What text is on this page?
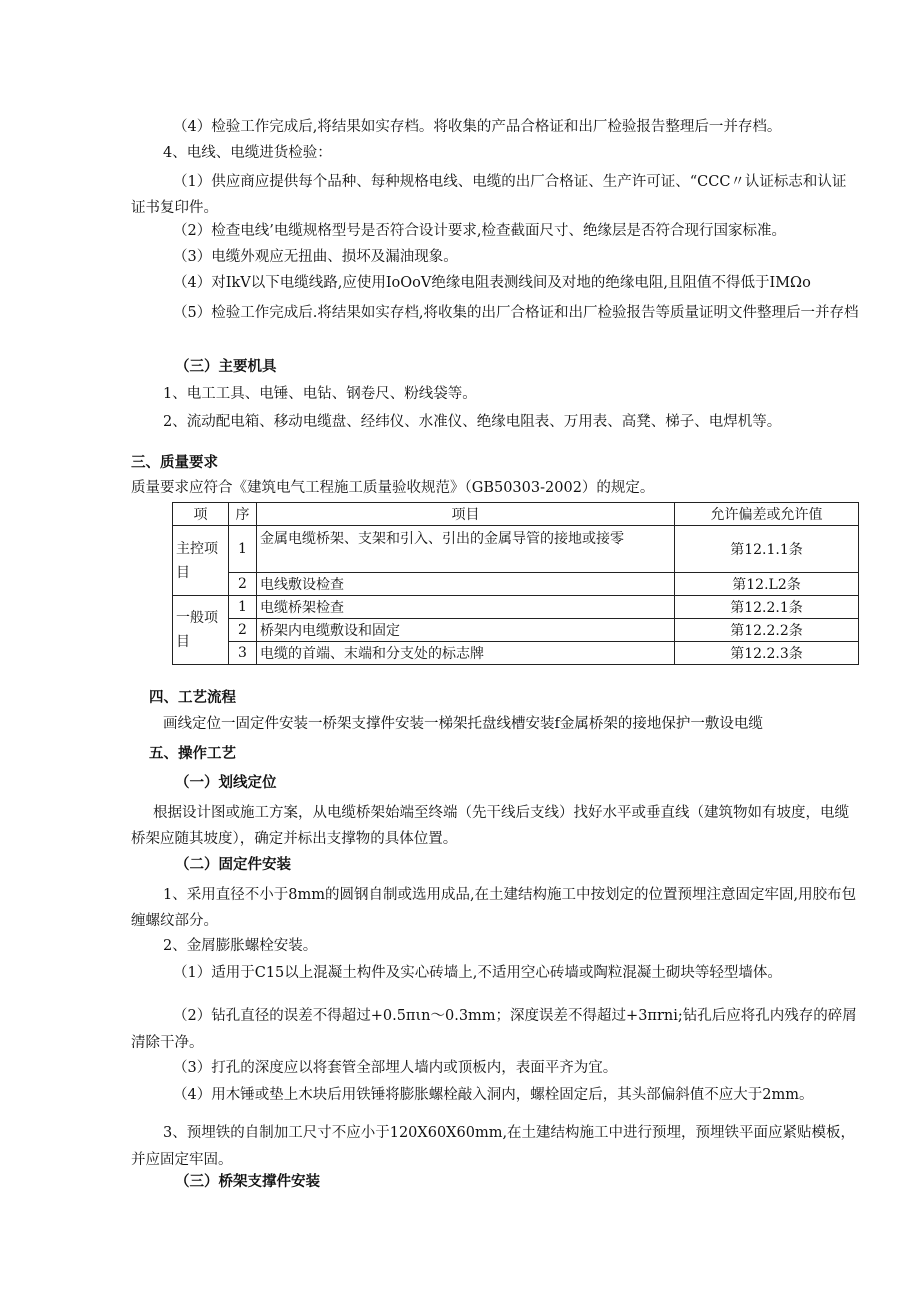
（4）检验工作完成后,将结果如实存档。将收集的产品合格证和出厂检验报告整理后一并存档。
4、电线、电缆进货检验：
（1）供应商应提供每个品种、每种规格电线、电缆的出厂合格证、生产许可证、“CCC〃认证标志和认证证书复印件。
（2）检查电线’电缆规格型号是否符合设计要求,检查截面尺寸、绝缘层是否符合现行国家标准。
（3）电缆外观应无扭曲、损坏及漏油现象。
（4）对IkV以下电缆线路,应使用IoOoV绝缘电阻表测线间及对地的绝缘电阻,且阻值不得低于IMΩo
（5）检验工作完成后.将结果如实存档,将收集的出厂合格证和出厂检验报告等质量证明文件整理后一并存档
（三）主要机具
1、电工工具、电锤、电钻、钢卷尺、粉线袋等。
2、流动配电箱、移动电缆盘、经纬仪、水准仪、绝缘电阻表、万用表、高凳、梯子、电焊机等。
三、质量要求
质量要求应符合《建筑电气工程施工质量验收规范》（GB50303-2002）的规定。
项	序	项目	允许偏差或允许值
主控项目	1	金属电缆桥架、支架和引入、引出的金属导管的接地或接零	第12.1.1条
	2	电线敷设检查	第12.L2条
一般项目	1	电缆桥架检查	第12.2.1条
	2	桥架内电缆敷设和固定	第12.2.2条
	3	电缆的首端、末端和分支处的标志牌	第12.2.3条
四、工艺流程
画线定位一固定件安装一桥架支撑件安装一梯架托盘线槽安装f金属桥架的接地保护一敷设电缆
五、操作工艺
（一）划线定位
根据设计图或施工方案，从电缆桥架始端至终端（先干线后支线）找好水平或垂直线（建筑物如有坡度，电缆桥架应随其坡度），确定并标出支撑物的具体位置。
（二）固定件安装
1、采用直径不小于8mm的圆钢自制或选用成品,在土建结构施工中按划定的位置预埋注意固定牢固,用胶布包缠螺纹部分。
2、金屑膨胀螺栓安装。
（1）适用于C15以上混凝土构件及实心砖墙上,不适用空心砖墙或陶粒混凝土砌块等轻型墙体。
（2）钻孔直径的误差不得超过+0.5πιn～0.3mm；深度误差不得超过+3πrni;钻孔后应将孔内残存的碎屑清除干净。
（3）打孔的深度应以将套管全部埋人墙内或顶板内，表面平齐为宜。
（4）用木锤或垫上木块后用铁锤将膨胀螺栓敲入洞内，螺栓固定后，其头部偏斜值不应大于2mm。
3、预埋铁的自制加工尺寸不应小于120X60X60mm,在土建结构施工中进行预埋，预埋铁平面应紧贴模板，并应固定牢固。
（三）桥架支撑件安装
